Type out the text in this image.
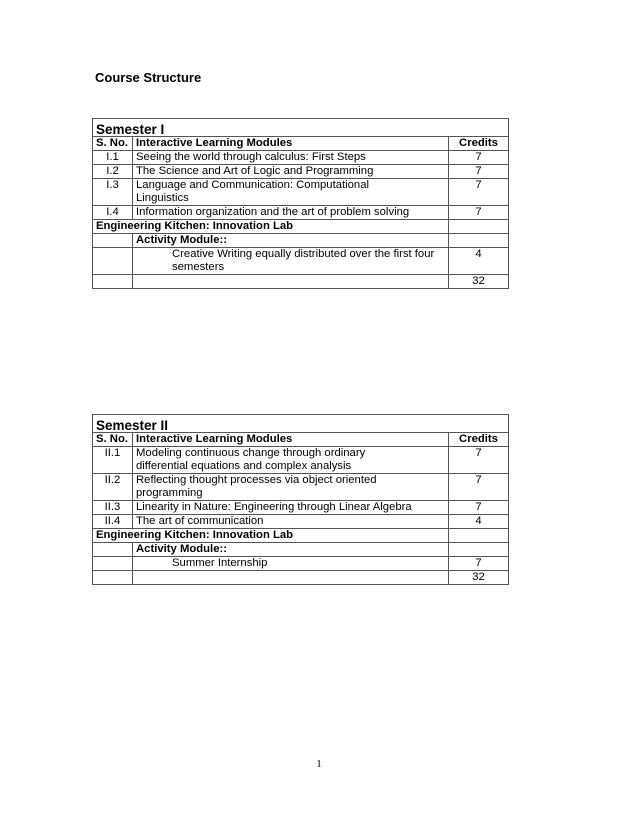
Course Structure
Semester I		
S. No.	Interactive Learning Modules	Credits
I.1	Seeing the world through calculus: First Steps	7
I.2	The Science and Art of Logic and Programming	7
I.3	Language and Communication: Computational Linguistics	7
I.4	Information organization and the art of problem solving	7
Engineering Kitchen: Innovation Lab		
	Activity Module::	
	Creative Writing equally distributed over the first four semesters	4
		32
Semester II		
S. No.	Interactive Learning Modules	Credits
II.1	Modeling continuous change through ordinary differential equations and complex analysis	7
II.2	Reflecting thought processes via object oriented programming	7
II.3	Linearity in Nature: Engineering through Linear Algebra	7
II.4	The art of communication	4
Engineering Kitchen: Innovation Lab		
	Activity Module::	
	Summer Internship	7
		32
1
